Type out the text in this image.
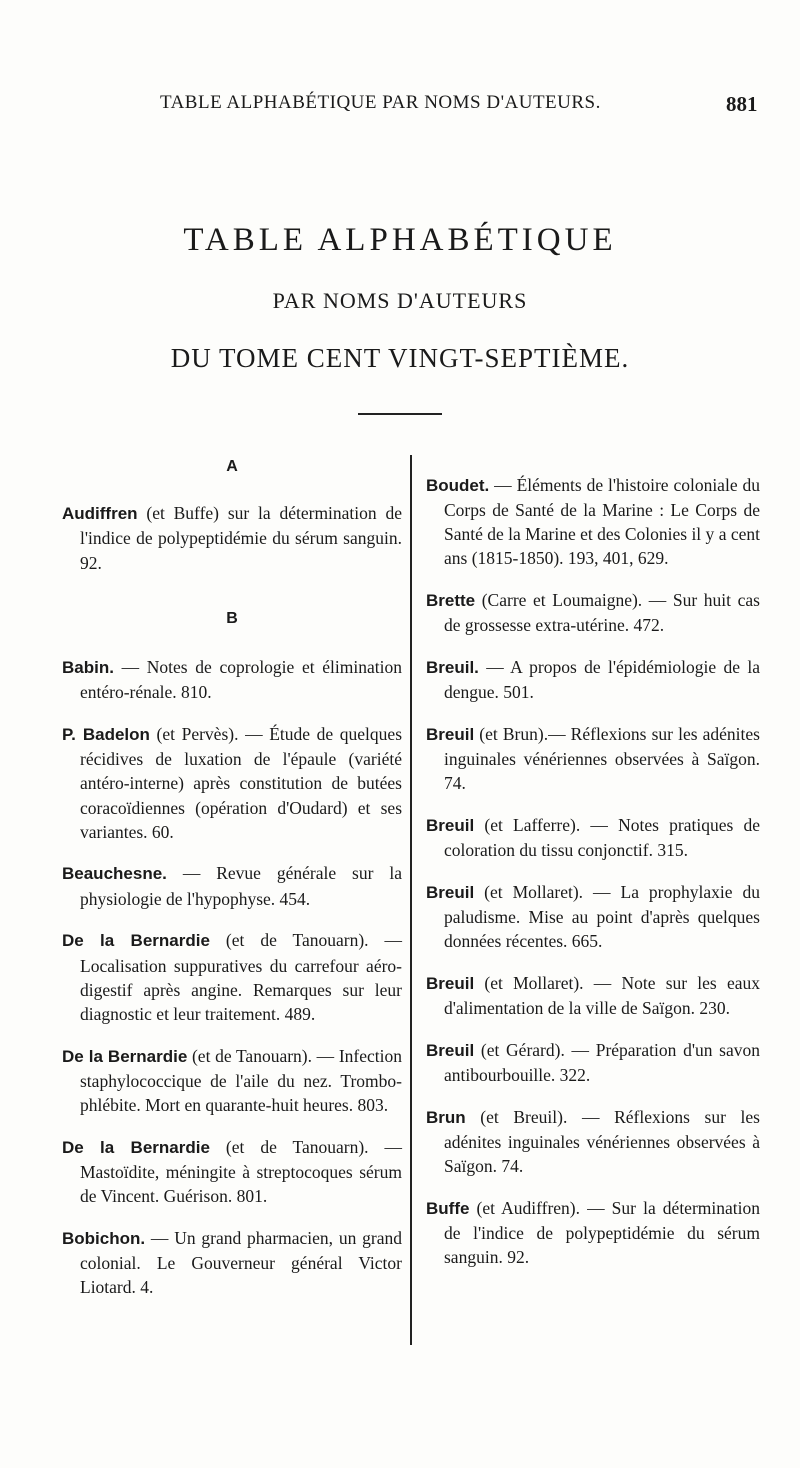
TABLE ALPHABÉTIQUE PAR NOMS D'AUTEURS.	881
TABLE ALPHABÉTIQUE
PAR NOMS D'AUTEURS
DU TOME CENT VINGT-SEPTIÈME.
A

Audiffren (et Buffe) sur la détermination de l'indice de polypeptidémie du sérum sanguin. 92.

B

Babin. — Notes de coprologie et élimination entéro-rénale. 810.

P. Badelon (et Pervès). — Étude de quelques récidives de luxation de l'épaule (variété antéro-interne) après constitution de butées coracoïdiennes (opération d'Oudard) et ses variantes. 60.

Beauchesne. — Revue générale sur la physiologie de l'hypophyse. 454.

De la Bernardie (et de Tanouarn). — Localisation suppuratives du carrefour aéro-digestif après angine. Remarques sur leur diagnostic et leur traitement. 489.

De la Bernardie (et de Tanouarn). — Infection staphylococcique de l'aile du nez. Trombo-phlébite. Mort en quarante-huit heures. 803.

De la Bernardie (et de Tanouarn). — Mastoïdite, méningite à streptocoques sérum de Vincent. Guérison. 801.

Bobichon. — Un grand pharmacien, un grand colonial. Le Gouverneur général Victor Liotard. 4.

Boudet. — Éléments de l'histoire coloniale du Corps de Santé de la Marine : Le Corps de Santé de la Marine et des Colonies il y a cent ans (1815-1850). 193, 401, 629.

Brette (Carre et Loumaigne). — Sur huit cas de grossesse extra-utérine. 472.

Breuil. — A propos de l'épidémiologie de la dengue. 501.

Breuil (et Brun).— Réflexions sur les adénites inguinales vénériennes observées à Saïgon. 74.

Breuil (et Lafferre). — Notes pratiques de coloration du tissu conjonctif. 315.

Breuil (et Mollaret). — La prophylaxie du paludisme. Mise au point d'après quelques données récentes. 665.

Breuil (et Mollaret). — Note sur les eaux d'alimentation de la ville de Saïgon. 230.

Breuil (et Gérard). — Préparation d'un savon antibourbouille. 322.

Brun (et Breuil). — Réflexions sur les adénites inguinales vénériennes observées à Saïgon. 74.

Buffe (et Audiffren). — Sur la détermination de l'indice de polypeptidémie du sérum sanguin. 92.
